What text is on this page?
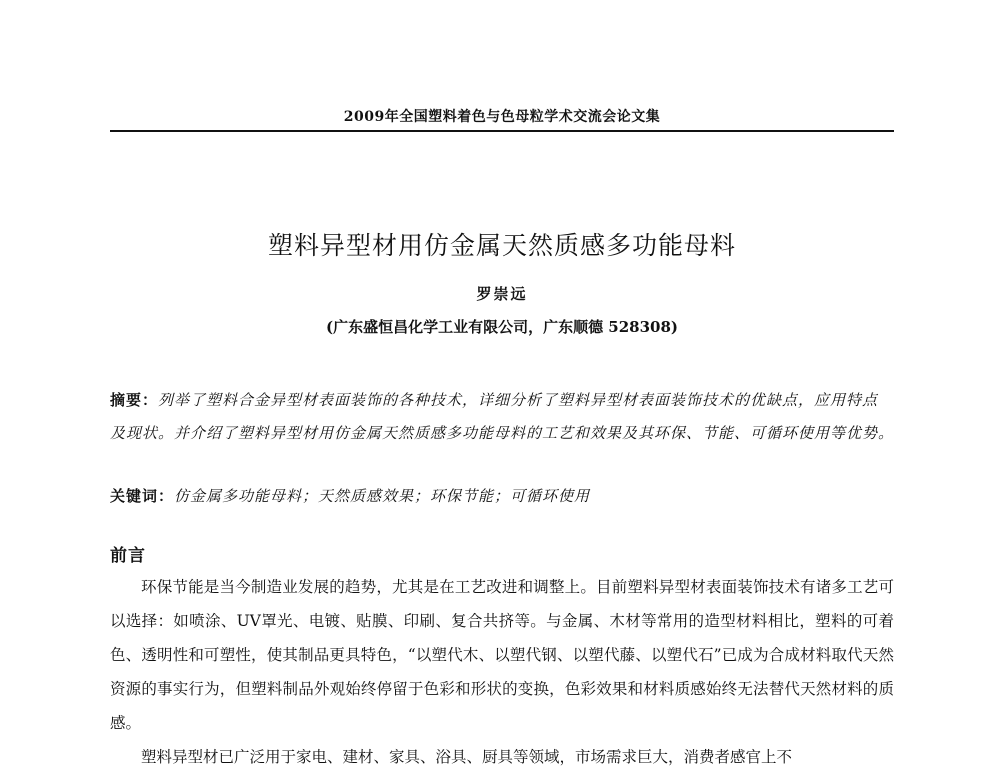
2009年全国塑料着色与色母粒学术交流会论文集
塑料异型材用仿金属天然质感多功能母料
罗崇远
(广东盛恒昌化学工业有限公司，广东顺德 528308)
摘要：列举了塑料合金异型材表面装饰的各种技术，详细分析了塑料异型材表面装饰技术的优缺点，应用特点及现状。并介绍了塑料异型材用仿金属天然质感多功能母料的工艺和效果及其环保、节能、可循环使用等优势。
关键词：仿金属多功能母料；天然质感效果；环保节能；可循环使用
前言

环保节能是当今制造业发展的趋势，尤其是在工艺改进和调整上。目前塑料异型材表面装饰技术有诸多工艺可以选择：如喷涂、UV罩光、电镀、贴膜、印刷、复合共挤等。与金属、木材等常用的造型材料相比，塑料的可着色、透明性和可塑性，使其制品更具特色，“以塑代木、以塑代钢、以塑代藤、以塑代石”已成为合成材料取代天然资源的事实行为，但塑料制品外观始终停留于色彩和形状的变换，色彩效果和材料质感始终无法替代天然材料的质感。

塑料异型材已广泛用于家电、建材、家具、浴具、厨具等领域，市场需求巨大，消费者感官上不
